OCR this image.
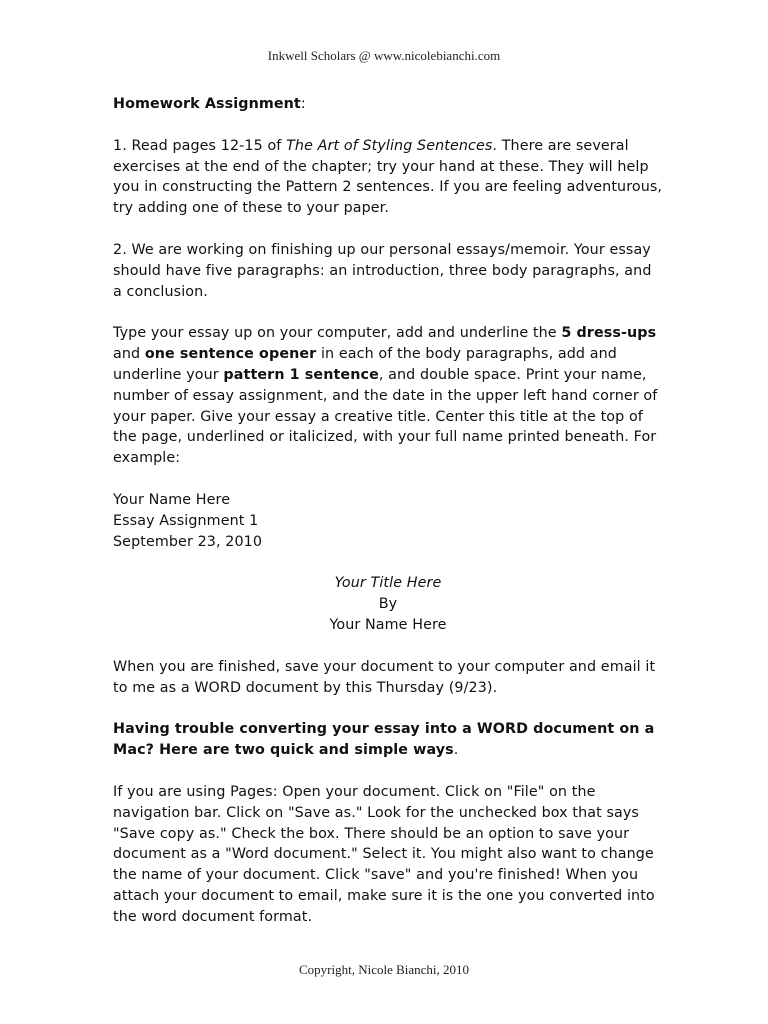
Inkwell Scholars @ www.nicolebianchi.com

Homework Assignment:

1. Read pages 12-15 of The Art of Styling Sentences. There are several exercises at the end of the chapter; try your hand at these. They will help you in constructing the Pattern 2 sentences. If you are feeling adventurous, try adding one of these to your paper.

2. We are working on finishing up our personal essays/memoir. Your essay should have five paragraphs: an introduction, three body paragraphs, and a conclusion.

Type your essay up on your computer, add and underline the 5 dress-ups and one sentence opener in each of the body paragraphs, add and underline your pattern 1 sentence, and double space. Print your name, number of essay assignment, and the date in the upper left hand corner of your paper. Give your essay a creative title. Center this title at the top of the page, underlined or italicized, with your full name printed beneath. For example:

Your Name Here
Essay Assignment 1
September 23, 2010

Your Title Here
By
Your Name Here

When you are finished, save your document to your computer and email it to me as a WORD document by this Thursday (9/23).

Having trouble converting your essay into a WORD document on a Mac? Here are two quick and simple ways.

If you are using Pages: Open your document. Click on "File" on the navigation bar. Click on "Save as." Look for the unchecked box that says "Save copy as." Check the box. There should be an option to save your document as a "Word document." Select it. You might also want to change the name of your document. Click "save" and you're finished! When you attach your document to email, make sure it is the one you converted into the word document format.

Copyright, Nicole Bianchi, 2010
